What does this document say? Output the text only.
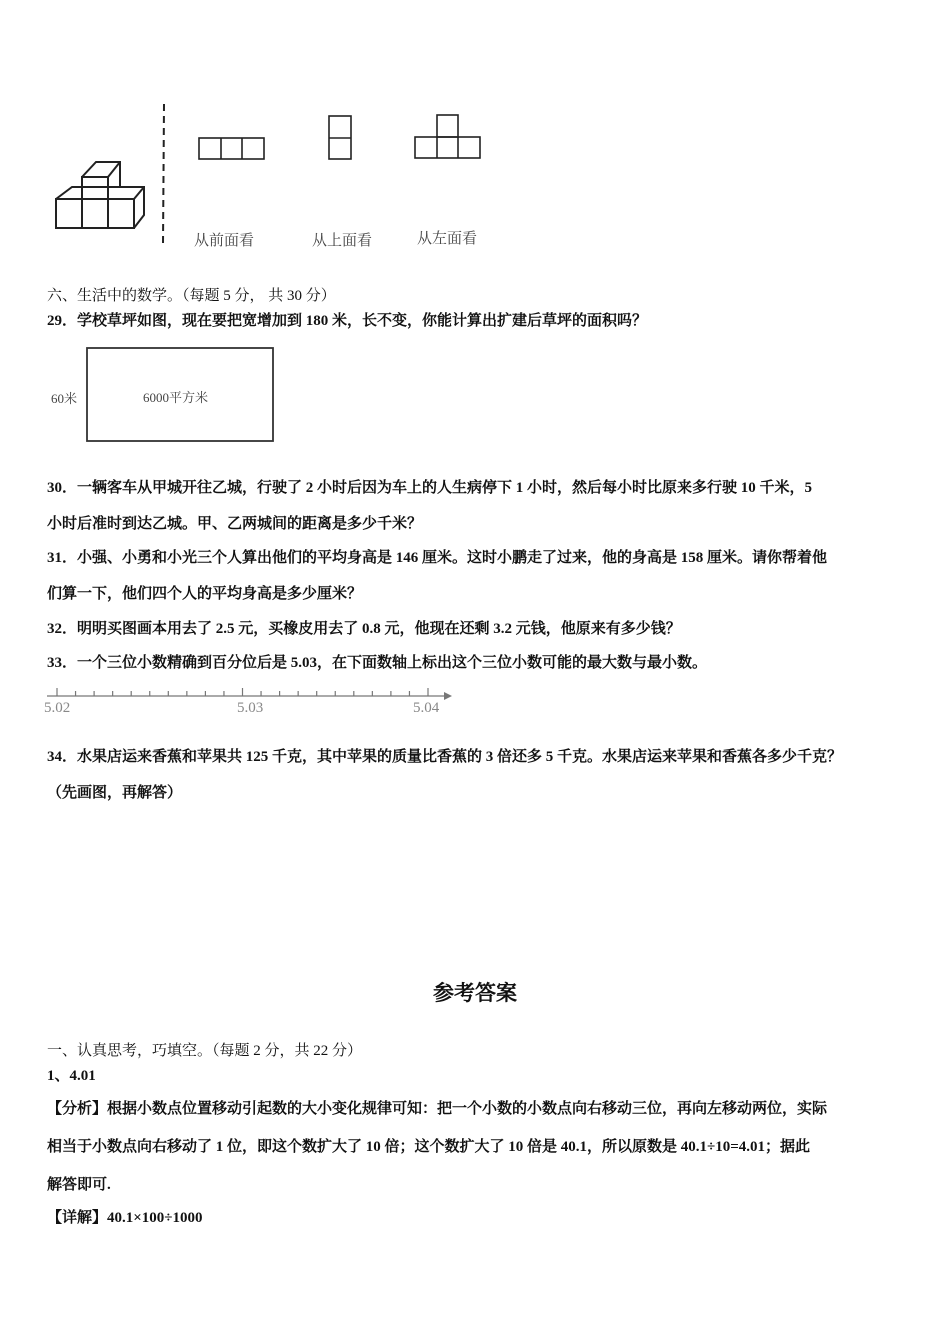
从前面看	从上面看	从左面看
六、生活中的数学。（每题 5 分， 共 30 分）
29．学校草坪如图，现在要把宽增加到 180 米，长不变，你能计算出扩建后草坪的面积吗？
60米	6000平方米
30．一辆客车从甲城开往乙城，行驶了 2 小时后因为车上的人生病停下 1 小时，然后每小时比原来多行驶 10 千米，5
小时后准时到达乙城。甲、乙两城间的距离是多少千米？
31．小强、小勇和小光三个人算出他们的平均身高是 146 厘米。这时小鹏走了过来，他的身高是 158 厘米。请你帮着他
们算一下，他们四个人的平均身高是多少厘米？
32．明明买图画本用去了 2.5 元，买橡皮用去了 0.8 元，他现在还剩 3.2 元钱，他原来有多少钱？
33．一个三位小数精确到百分位后是 5.03，在下面数轴上标出这个三位小数可能的最大数与最小数。
5.02	5.03	5.04
34．水果店运来香蕉和苹果共 125 千克，其中苹果的质量比香蕉的 3 倍还多 5 千克。水果店运来苹果和香蕉各多少千克？
（先画图，再解答）
参考答案
一、认真思考，巧填空。（每题 2 分，共 22 分）
1、4.01
【分析】根据小数点位置移动引起数的大小变化规律可知：把一个小数的小数点向右移动三位，再向左移动两位，实际
相当于小数点向右移动了 1 位，即这个数扩大了 10 倍；这个数扩大了 10 倍是 40.1，所以原数是 40.1÷10=4.01；据此
解答即可.
【详解】40.1×100÷1000
